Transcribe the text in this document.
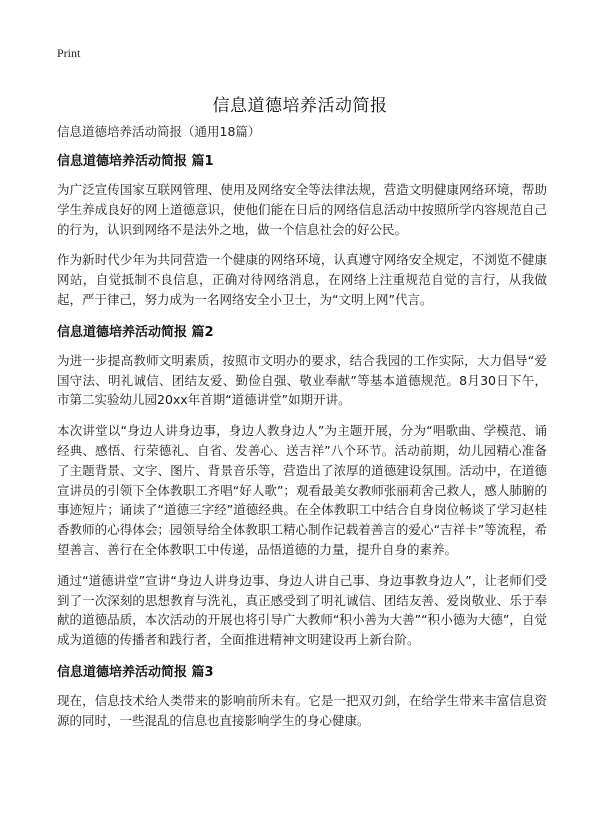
Print
信息道德培养活动简报
信息道德培养活动简报（通用18篇）
信息道德培养活动简报 篇1

为广泛宣传国家互联网管理、使用及网络安全等法律法规，营造文明健康网络环境，帮助学生养成良好的网上道德意识，使他们能在日后的网络信息活动中按照所学内容规范自己的行为，认识到网络不是法外之地，做一个信息社会的好公民。

作为新时代少年为共同营造一个健康的网络环境，认真遵守网络安全规定，不浏览不健康网站，自觉抵制不良信息，正确对待网络消息，在网络上注重规范自觉的言行，从我做起，严于律己，努力成为一名网络安全小卫士，为“文明上网”代言。

信息道德培养活动简报 篇2

为进一步提高教师文明素质，按照市文明办的要求，结合我园的工作实际，大力倡导“爱国守法、明礼诚信、团结友爱、勤俭自强、敬业奉献”等基本道德规范。8月30日下午，市第二实验幼儿园20xx年首期“道德讲堂”如期开讲。

本次讲堂以“身边人讲身边事，身边人教身边人”为主题开展，分为“唱歌曲、学模范、诵经典、感悟、行荣德礼、自省、发善心、送吉祥”八个环节。活动前期，幼儿园精心准备了主题背景、文字、图片、背景音乐等，营造出了浓厚的道德建设氛围。活动中，在道德宣讲员的引领下全体教职工齐唱“好人歌”；观看最美女教师张丽莉舍己救人，感人肺腑的事迹短片；诵读了“道德三字经”道德经典。在全体教职工中结合自身岗位畅谈了学习赵桂香教师的心得体会；园领导给全体教职工精心制作记载着善言的爱心“吉祥卡”等流程，希望善言、善行在全体教职工中传递，品悟道德的力量，提升自身的素养。

通过“道德讲堂”宣讲“身边人讲身边事、身边人讲自己事、身边事教身边人”，让老师们受到了一次深刻的思想教育与洗礼，真正感受到了明礼诚信、团结友善、爱岗敬业、乐于奉献的道德品质，本次活动的开展也将引导广大教师“积小善为大善”“积小德为大德”，自觉成为道德的传播者和践行者，全面推进精神文明建设再上新台阶。

信息道德培养活动简报 篇3

现在，信息技术给人类带来的影响前所未有。它是一把双刃剑，在给学生带来丰富信息资源的同时，一些混乱的信息也直接影响学生的身心健康。
